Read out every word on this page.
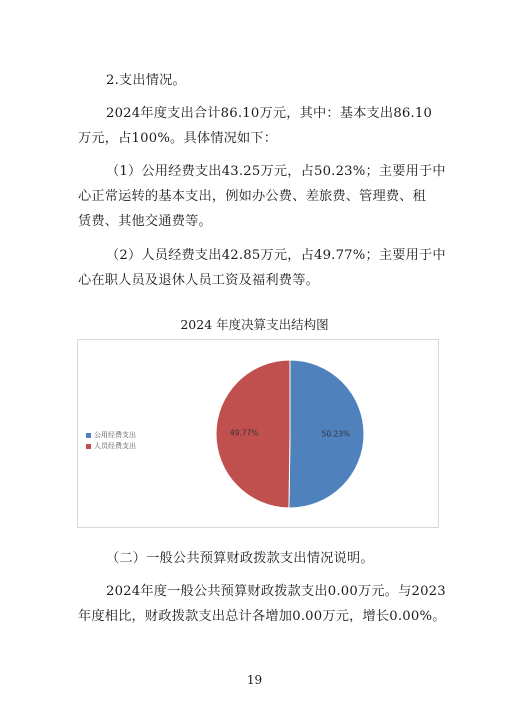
2.支出情况。
2024年度支出合计86.10万元，其中：基本支出86.10
万元，占100%。具体情况如下：
（1）公用经费支出43.25万元，占50.23%；主要用于中
心正常运转的基本支出，例如办公费、差旅费、管理费、租
赁费、其他交通费等。
（2）人员经费支出42.85万元，占49.77%；主要用于中
心在职人员及退休人员工资及福利费等。
2024 年度决算支出结构图
50.23%
49.77%
公用经费支出
人员经费支出
（二）一般公共预算财政拨款支出情况说明。
2024年度一般公共预算财政拨款支出0.00万元。与2023
年度相比，财政拨款支出总计各增加0.00万元，增长0.00%。
19
